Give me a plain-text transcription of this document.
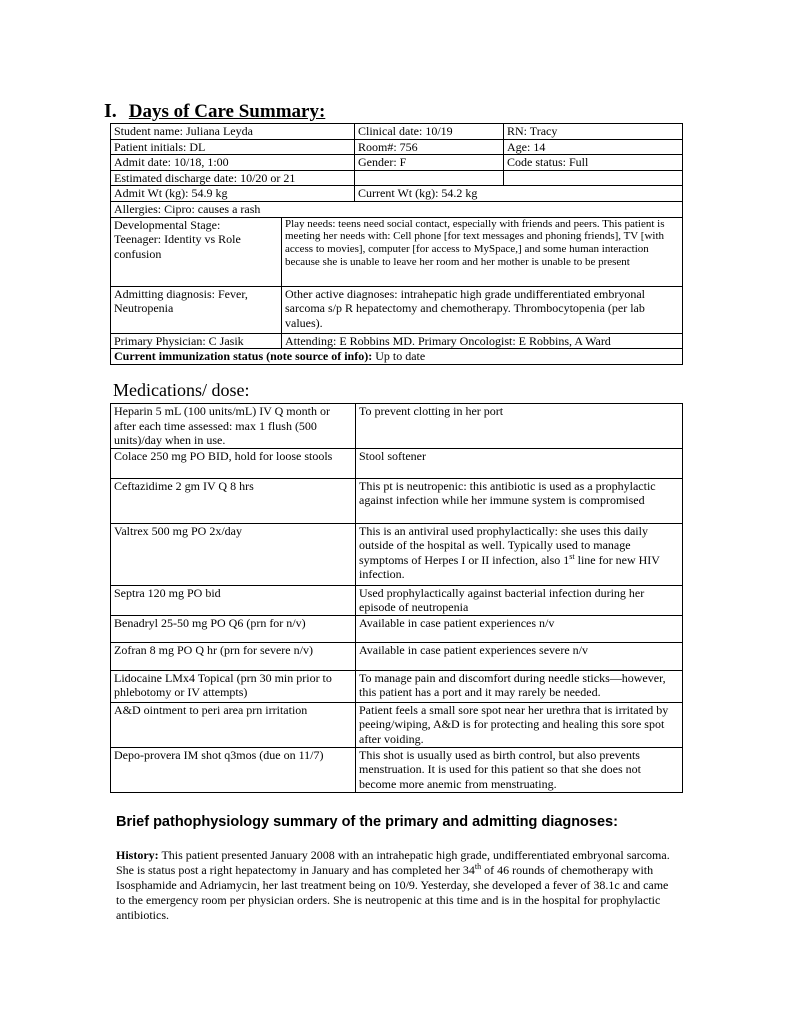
I. Days of Care Summary:
Student name: Juliana Leyda		Clinical date: 10/19	RN: Tracy
Patient initials: DL		Room#: 756	Age: 14
Admit date: 10/18, 1:00		Gender: F	Code status: Full
Estimated discharge date: 10/20 or 21			
Admit Wt (kg): 54.9 kg		Current Wt (kg): 54.2 kg	
Allergies: Cipro: causes a rash			
Developmental Stage:
Teenager: Identity vs Role confusion	Play needs: teens need social contact, especially with friends and peers. This patient is meeting her needs with: Cell phone [for text messages and phoning friends], TV [with access to movies], computer [for access to MySpace,] and some human interaction because she is unable to leave her room and her mother is unable to be present		
Admitting diagnosis: Fever, Neutropenia	Other active diagnoses: intrahepatic high grade undifferentiated embryonal sarcoma s/p R hepatectomy and chemotherapy. Thrombocytopenia (per lab values).		
Primary Physician: C Jasik	Attending: E Robbins MD. Primary Oncologist: E Robbins, A Ward		
Current immunization status (note source of info): Up to date			
Medications/ dose:
Heparin 5 mL (100 units/mL) IV Q month or after each time assessed: max 1 flush (500 units)/day when in use.	To prevent clotting in her port
Colace 250 mg PO BID, hold for loose stools	Stool softener
Ceftazidime 2 gm IV Q 8 hrs	This pt is neutropenic: this antibiotic is used as a prophylactic against infection while her immune system is compromised
Valtrex 500 mg PO 2x/day	This is an antiviral used prophylactically: she uses this daily outside of the hospital as well. Typically used to manage symptoms of Herpes I or II infection, also 1st line for new HIV infection.
Septra 120 mg PO bid	Used prophylactically against bacterial infection during her episode of neutropenia
Benadryl 25-50 mg PO Q6 (prn for n/v)	Available in case patient experiences n/v
Zofran 8 mg PO Q hr (prn for severe n/v)	Available in case patient experiences severe n/v
Lidocaine LMx4 Topical (prn 30 min prior to phlebotomy or IV attempts)	To manage pain and discomfort during needle sticks—however, this patient has a port and it may rarely be needed.
A&D ointment to peri area prn irritation	Patient feels a small sore spot near her urethra that is irritated by peeing/wiping, A&D is for protecting and healing this sore spot after voiding.
Depo-provera IM shot q3mos (due on 11/7)	This shot is usually used as birth control, but also prevents menstruation. It is used for this patient so that she does not become more anemic from menstruating.
Brief pathophysiology summary of the primary and admitting diagnoses:
History: This patient presented January 2008 with an intrahepatic high grade, undifferentiated embryonal sarcoma. She is status post a right hepatectomy in January and has completed her 34th of 46 rounds of chemotherapy with Isosphamide and Adriamycin, her last treatment being on 10/9. Yesterday, she developed a fever of 38.1c and came to the emergency room per physician orders. She is neutropenic at this time and is in the hospital for prophylactic antibiotics.
